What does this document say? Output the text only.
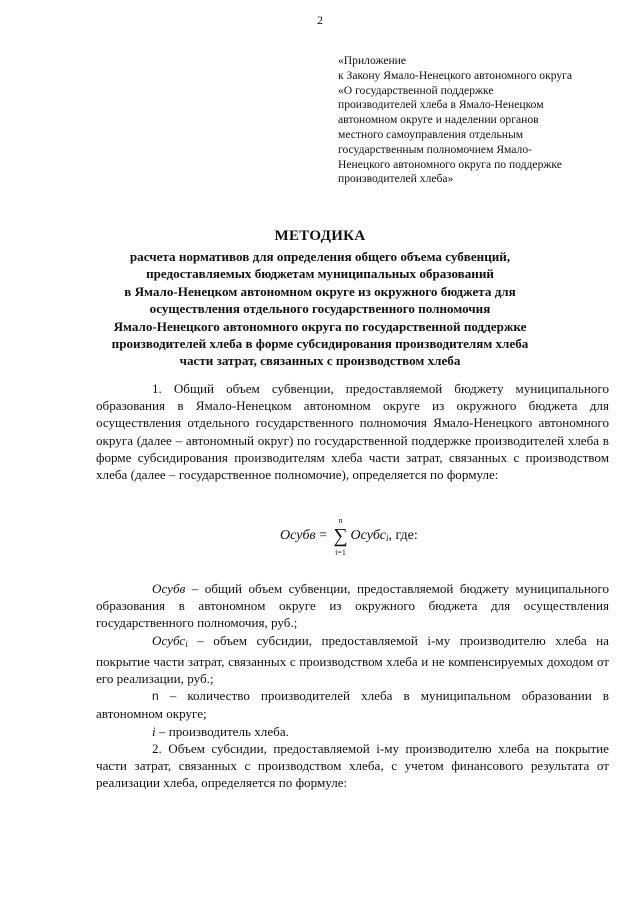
2
«Приложение
к Закону Ямало-Ненецкого автономного округа
«О государственной поддержке
производителей хлеба в Ямало-Ненецком
автономном округе и наделении органов
местного самоуправления отдельным
государственным полномочием Ямало-
Ненецкого автономного округа по поддержке
производителей хлеба»
МЕТОДИКА
расчета нормативов для определения общего объема субвенций,
предоставляемых бюджетам муниципальных образований
в Ямало-Ненецком автономном округе из окружного бюджета для
осуществления отдельного государственного полномочия
Ямало-Ненецкого автономного округа по государственной поддержке
производителей хлеба в форме субсидирования производителям хлеба
части затрат, связанных с производством хлеба

1. Общий объем субвенции, предоставляемой бюджету муниципального образования в Ямало-Ненецком автономном округе из окружного бюджета для осуществления отдельного государственного полномочия Ямало-Ненецкого автономного округа (далее – автономный округ) по государственной поддержке производителей хлеба в форме субсидирования производителям хлеба части затрат, связанных с производством хлеба (далее – государственное полномочие), определяется по формуле:

Осубв =
n
∑
i=1
Осубсi, где:

Осубв – общий объем субвенции, предоставляемой бюджету муниципального образования в автономном округе из окружного бюджета для осуществления государственного полномочия, руб.;

Осубсi – объем субсидии, предоставляемой i-му производителю хлеба на покрытие части затрат, связанных с производством хлеба и не компенсируемых доходом от его реализации, руб.;

n – количество производителей хлеба в муниципальном образовании в автономном округе;

i – производитель хлеба.

2. Объем субсидии, предоставляемой i-му производителю хлеба на покрытие части затрат, связанных с производством хлеба, с учетом финансового результата от реализации хлеба, определяется по формуле:
